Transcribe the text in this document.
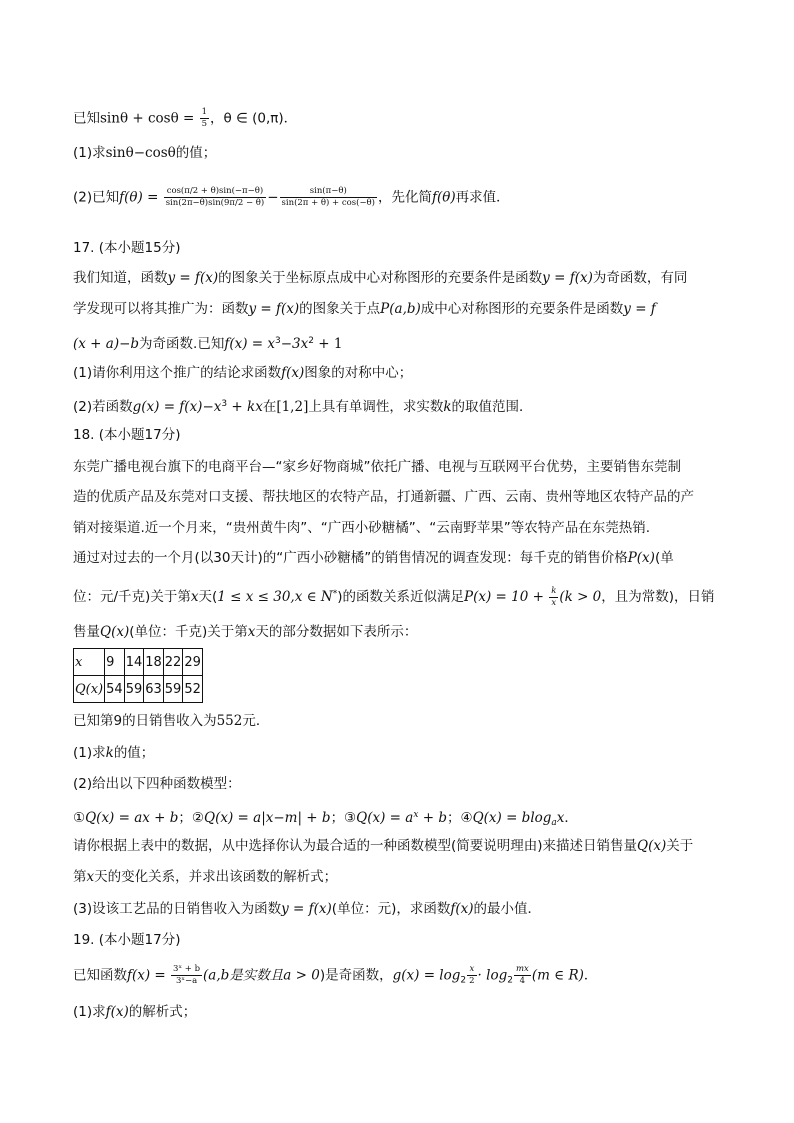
已知$\sin\theta + \cos\theta = \frac{1}{5}$ ，θ ∈ (0,π)．
(1)求sinθ−cosθ的值；
(2)已知$f(\theta) = \frac{\cos(\pi/2 + \theta)\sin(-\pi-\theta)}{\sin(2\pi-\theta)\sin(9\pi/2 - \theta)} - \frac{\sin(\pi-\theta)}{\sin(2\pi + \theta) + \cos(-\theta)}$ ，先化简f(θ)再求值．
17. (本小题15分)
我们知道，函数y = f(x)的图象关于坐标原点成中心对称图形的充要条件是函数y = f(x)为奇函数，有同
学发现可以将其推广为：函数y = f(x)的图象关于点P(a,b)成中心对称图形的充要条件是函数y = f
(x + a)−b为奇函数.已知$f(x) = x^3-3x^2 + 1$
(1)请你利用这个推广的结论求函数f(x)图象的对称中心；
(2)若函数$g(x) = f(x)-x^3$ + kx在[1,2]上具有单调性，求实数k的取值范围．
18. (本小题17分)
东莞广播电视台旗下的电商平台—“家乡好物商城”依托广播、电视与互联网平台优势，主要销售东莞制
造的优质产品及东莞对口支援、帮扶地区的农特产品，打通新疆、广西、云南、贵州等地区农特产品的产
销对接渠道.近一个月来，“贵州黄牛肉”、“广西小砂糖橘”、“云南野苹果”等农特产品在东莞热销.
通过对过去的一个月(以30天计)的“广西小砂糖橘”的销售情况的调查发现：每千克的销售价格P(x)(单
位：元/千克)关于第x天(1 ≤ x ≤ 30,x ∈ N*)的函数关系近似满足$P(x) = 10 + \frac{k}{x} (k > 0$，且为常数)，日销
售量Q(x)(单位：千克)关于第x天的部分数据如下表所示：
x	9	14	18	22	29
Q(x)	54	59	63	59	52
已知第9的日销售收入为552元．
(1)求k的值；
(2)给出以下四种函数模型：
①Q(x) = ax + b；②Q(x) = a|x−m| + b；③Q(x) = $a^x + b$；④Q(x) = blog$_a$x．
请你根据上表中的数据，从中选择你认为最合适的一种函数模型(简要说明理由)来描述日销售量Q(x)关于
第x天的变化关系，并求出该函数的解析式；
(3)设该工艺品的日销售收入为函数y = f(x)(单位：元)，求函数f(x)的最小值．
19. (本小题17分)
已知函数$f(x) = \frac{\text{3ˣ + b}}{\text{3ˣ−a}} (a,b$是实数且a > 0)是奇函数，$g(x) = \log_2 \frac{x}{2} \cdot \log_2 \frac{mx}{4} (m$ ∈ R)．
(1)求f(x)的解析式；
